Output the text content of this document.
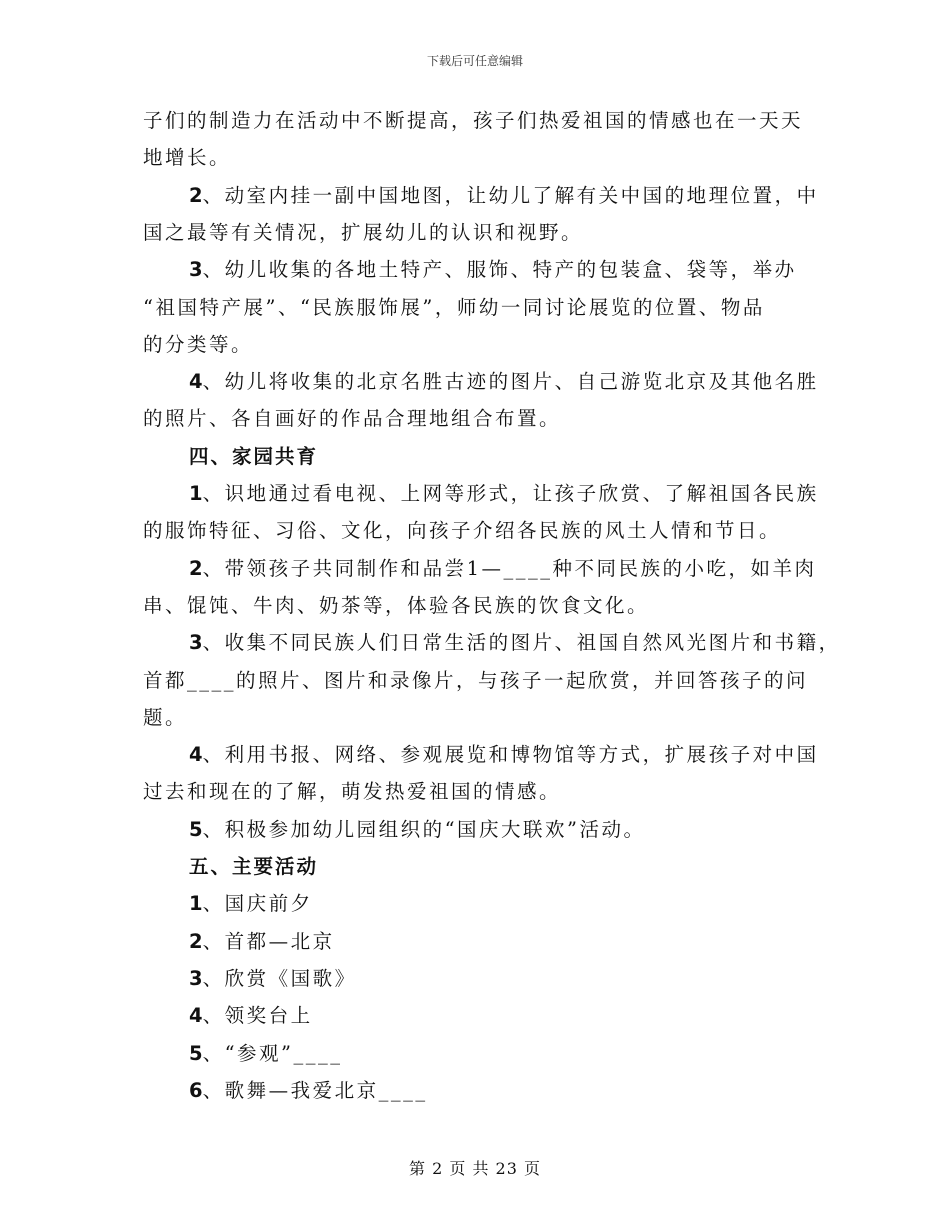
下载后可任意编辑
子们的制造力在活动中不断提高，孩子们热爱祖国的情感也在一天天
地增长。
2、动室内挂一副中国地图，让幼儿了解有关中国的地理位置，中
国之最等有关情况，扩展幼儿的认识和视野。
3、幼儿收集的各地土特产、服饰、特产的包装盒、袋等，举办
“祖国特产展”、“民族服饰展”，师幼一同讨论展览的位置、物品
的分类等。
4、幼儿将收集的北京名胜古迹的图片、自己游览北京及其他名胜
的照片、各自画好的作品合理地组合布置。
四、家园共育
1、识地通过看电视、上网等形式，让孩子欣赏、了解祖国各民族
的服饰特征、习俗、文化，向孩子介绍各民族的风土人情和节日。
2、带领孩子共同制作和品尝1—____种不同民族的小吃，如羊肉
串、馄饨、牛肉、奶茶等，体验各民族的饮食文化。
3、收集不同民族人们日常生活的图片、祖国自然风光图片和书籍，
首都____的照片、图片和录像片，与孩子一起欣赏，并回答孩子的问
题。
4、利用书报、网络、参观展览和博物馆等方式，扩展孩子对中国
过去和现在的了解，萌发热爱祖国的情感。
5、积极参加幼儿园组织的“国庆大联欢”活动。
五、主要活动
1、国庆前夕
2、首都—北京
3、欣赏《国歌》
4、领奖台上
5、“参观”____
6、歌舞—我爱北京____
第 2 页 共 23 页
